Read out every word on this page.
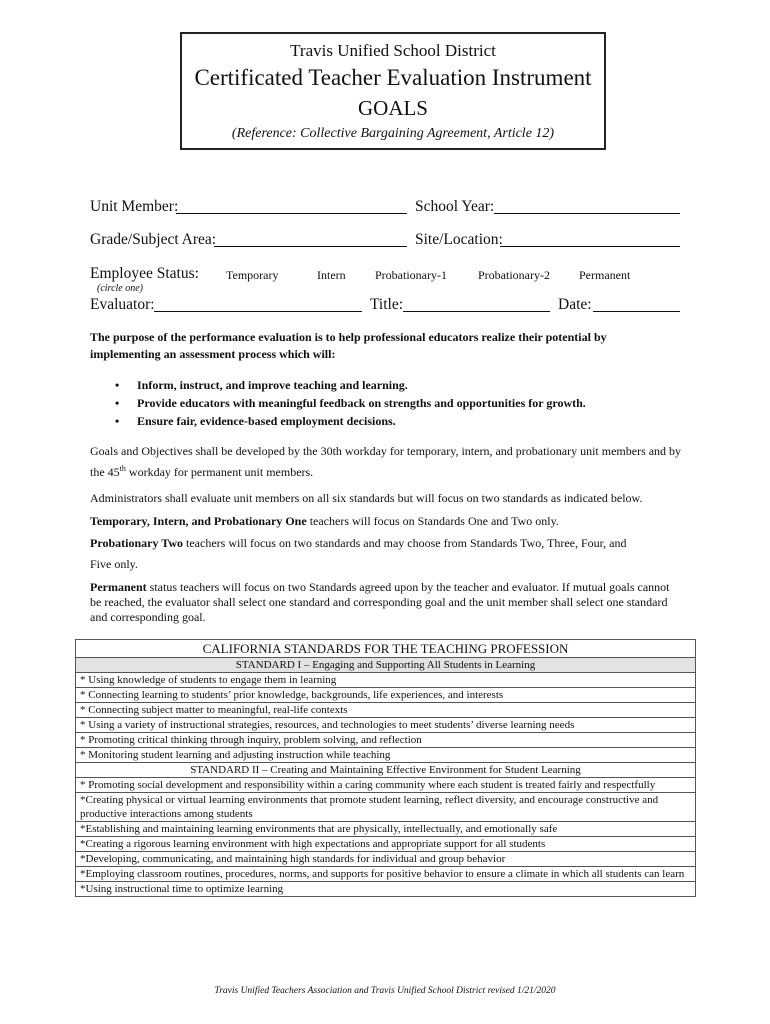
Travis Unified School District
Certificated Teacher Evaluation Instrument
GOALS
(Reference: Collective Bargaining Agreement, Article 12)
Unit Member:	School Year:
Grade/Subject Area:	Site/Location:
Employee Status: Temporary	Intern Probationary-1	Probationary-2 Permanent
(circle one)
Evaluator:	Title:	Date:
The purpose of the performance evaluation is to help professional educators realize their potential by implementing an assessment process which will:
• Inform, instruct, and improve teaching and learning.
• Provide educators with meaningful feedback on strengths and opportunities for growth.
• Ensure fair, evidence-based employment decisions.
Goals and Objectives shall be developed by the 30th workday for temporary, intern, and probationary unit members and by the 45th workday for permanent unit members.
Administrators shall evaluate unit members on all six standards but will focus on two standards as indicated below.
Temporary, Intern, and Probationary One teachers will focus on Standards One and Two only.
Probationary Two teachers will focus on two standards and may choose from Standards Two, Three, Four, and
Five only.
Permanent status teachers will focus on two Standards agreed upon by the teacher and evaluator. If mutual goals cannot be reached, the evaluator shall select one standard and corresponding goal and the unit member shall select one standard and corresponding goal.
CALIFORNIA STANDARDS FOR THE TEACHING PROFESSION
STANDARD I – Engaging and Supporting All Students in Learning
* Using knowledge of students to engage them in learning
* Connecting learning to students’ prior knowledge, backgrounds, life experiences, and interests
* Connecting subject matter to meaningful, real-life contexts
* Using a variety of instructional strategies, resources, and technologies to meet students’ diverse learning needs
* Promoting critical thinking through inquiry, problem solving, and reflection
* Monitoring student learning and adjusting instruction while teaching
STANDARD II – Creating and Maintaining Effective Environment for Student Learning
* Promoting social development and responsibility within a caring community where each student is treated fairly and respectfully
*Creating physical or virtual learning environments that promote student learning, reflect diversity, and encourage constructive and productive interactions among students
*Establishing and maintaining learning environments that are physically, intellectually, and emotionally safe
*Creating a rigorous learning environment with high expectations and appropriate support for all students
*Developing, communicating, and maintaining high standards for individual and group behavior
*Employing classroom routines, procedures, norms, and supports for positive behavior to ensure a climate in which all students can learn
*Using instructional time to optimize learning
Travis Unified Teachers Association and Travis Unified School District revised 1/21/2020
